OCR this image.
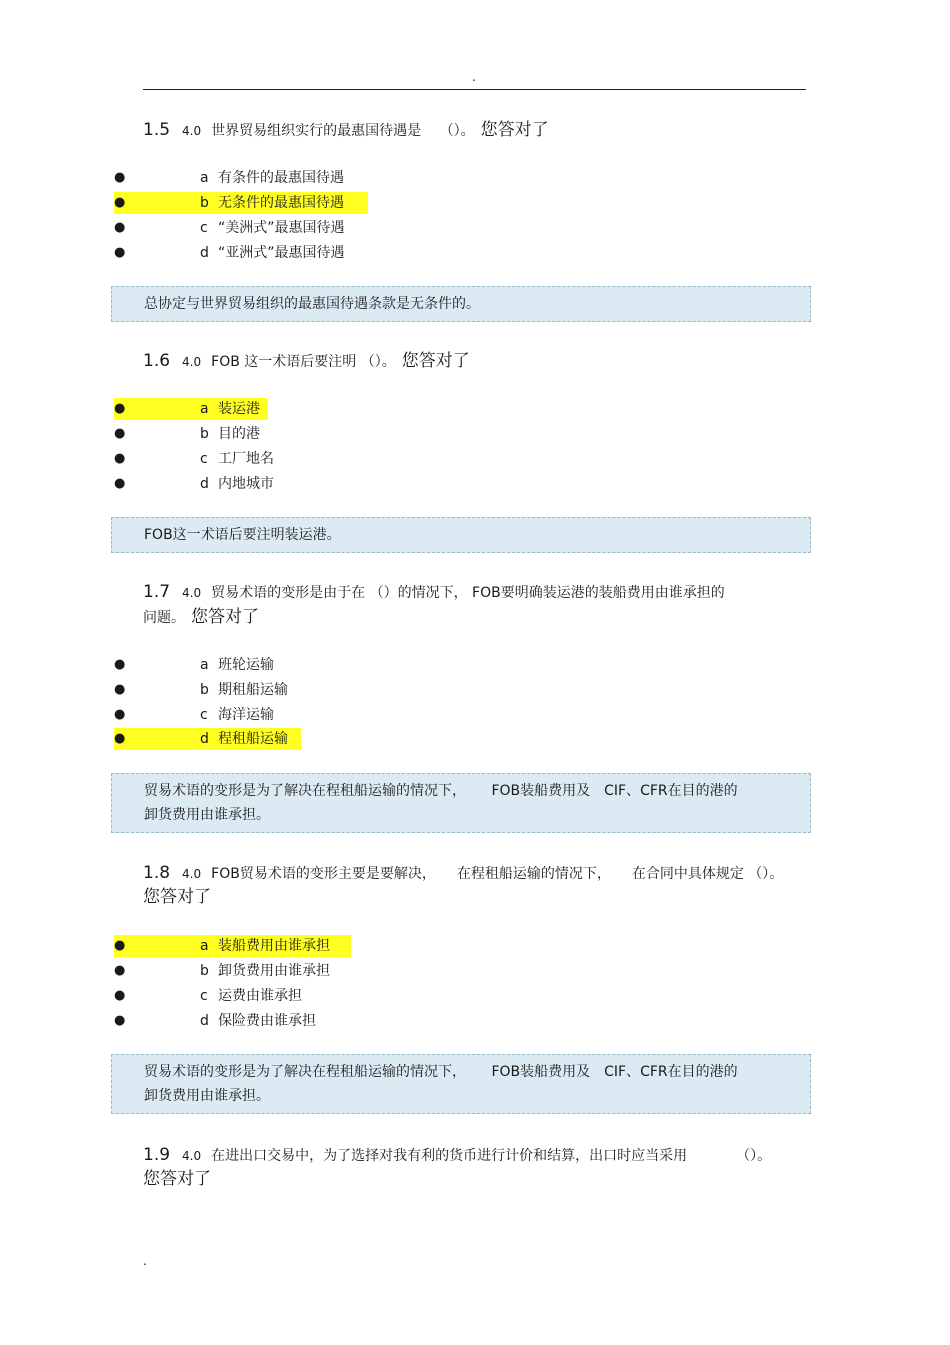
.
1.5 4.0 世界贸易组织实行的最惠国待遇是　 （）。 您答对了
●	a 有条件的最惠国待遇
●	b 无条件的最惠国待遇
●	c “美洲式”最惠国待遇
●	d “亚洲式”最惠国待遇
总协定与世界贸易组织的最惠国待遇条款是无条件的。
1.6 4.0 FOB 这一术语后要注明 （）。 您答对了
●	a 装运港
●	b 目的港
●	c 工厂地名
●	d 内地城市
FOB这一术语后要注明装运港。
1.7 4.0 贸易术语的变形是由于在 （）的情况下， FOB要明确装运港的装船费用由谁承担的
问题。 您答对了
●	a 班轮运输
●	b 期租船运输
●	c 海洋运输
●	d 程租船运输
贸易术语的变形是为了解决在程租船运输的情况下，　　 FOB装船费用及　CIF、CFR在目的港的
卸货费用由谁承担。
1.8 4.0 FOB贸易术语的变形主要是要解决，　　在程租船运输的情况下，　　在合同中具体规定 （）。
您答对了
●	a 装船费用由谁承担
●	b 卸货费用由谁承担
●	c 运费由谁承担
●	d 保险费由谁承担
贸易术语的变形是为了解决在程租船运输的情况下，　　 FOB装船费用及　CIF、CFR在目的港的
卸货费用由谁承担。
1.9 4.0 在进出口交易中，为了选择对我有利的货币进行计价和结算，出口时应当采用　　　　（）。
您答对了
.
